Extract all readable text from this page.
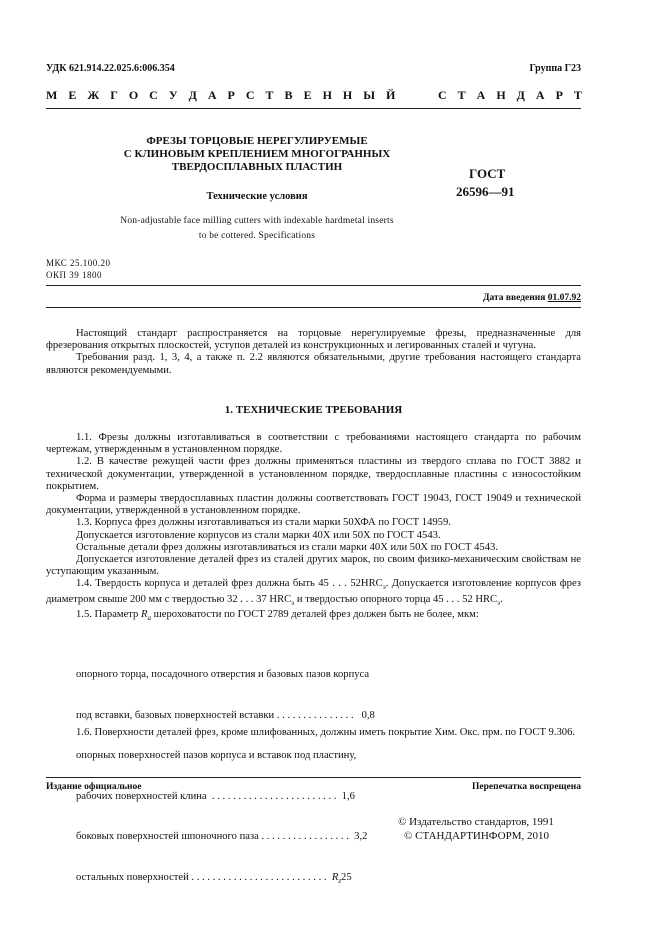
УДК 621.914.22.025.6:006.354	Группа Г23
М Е Ж Г О С У Д А Р С Т В Е Н Н Ы Й	С Т А Н Д А Р Т
ФРЕЗЫ ТОРЦОВЫЕ НЕРЕГУЛИРУЕМЫЕ
С КЛИНОВЫМ КРЕПЛЕНИЕМ МНОГОГРАННЫХ
ТВЕРДОСПЛАВНЫХ ПЛАСТИН
Технические условия
Non-adjustable face milling cutters with indexable hardmetal inserts
to be cottered. Specifications
ГОСТ
26596—91
МКС 25.100.20
ОКП 39 1800
Дата введения 01.07.92

Настоящий стандарт распространяется на торцовые нерегулируемые фрезы, предназначенные для фрезерования открытых плоскостей, уступов деталей из конструкционных и легированных сталей и чугуна.

Требования разд. 1, 3, 4, а также п. 2.2 являются обязательными, другие требования настоящего стандарта являются рекомендуемыми.

1. ТЕХНИЧЕСКИЕ ТРЕБОВАНИЯ

1.1. Фрезы должны изготавливаться в соответствии с требованиями настоящего стандарта по рабочим чертежам, утвержденным в установленном порядке.

1.2. В качестве режущей части фрез должны применяться пластины из твердого сплава по ГОСТ 3882 и технической документации, утвержденной в установленном порядке, твердосплавные пластины с износостойким покрытием.

Форма и размеры твердосплавных пластин должны соответствовать ГОСТ 19043, ГОСТ 19049 и технической документации, утвержденной в установленном порядке.

1.3. Корпуса фрез должны изготавливаться из стали марки 50ХФА по ГОСТ 14959.

Допускается изготовление корпусов из стали марки 40Х или 50Х по ГОСТ 4543.

Остальные детали фрез должны изготавливаться из стали марки 40Х или 50Х по ГОСТ 4543.

Допускается изготовление деталей фрез из сталей других марок, по своим физико-механическим свойствам не уступающим указанным.

1.4. Твердость корпуса и деталей фрез должна быть 45 . . . $52HRC_э$. Допускается изготовление корпусов фрез диаметром свыше 200 мм с твердостью 32 . . . 37 $HRC_э$ и твердостью опорного торца 45 . . . 52 $HRC_э$.

1.5. Параметр $R_a$ шероховатости по ГОСТ 2789 деталей фрез должен быть не более, мкм:

опорного торца, посадочного отверстия и базовых пазов корпуса

под вставки, базовых поверхностей вставки . . . . . . . . . . . . . . .   0,8

опорных поверхностей пазов корпуса и вставок под пластину,

рабочих поверхностей клина  . . . . . . . . . . . . . . . . . . . . . . . .  1,6

боковых поверхностей шпоночного паза . . . . . . . . . . . . . . . . .  3,2

остальных поверхностей . . . . . . . . . . . . . . . . . . . . . . . . . .  $R_z25$

1.6. Поверхности деталей фрез, кроме шлифованных, должны иметь покрытие Хим. Окс. прм. по ГОСТ 9.306.

Издание официальное	Перепечатка воспрещена
© Издательство стандартов, 1991
© СТАНДАРТИНФОРМ, 2010
